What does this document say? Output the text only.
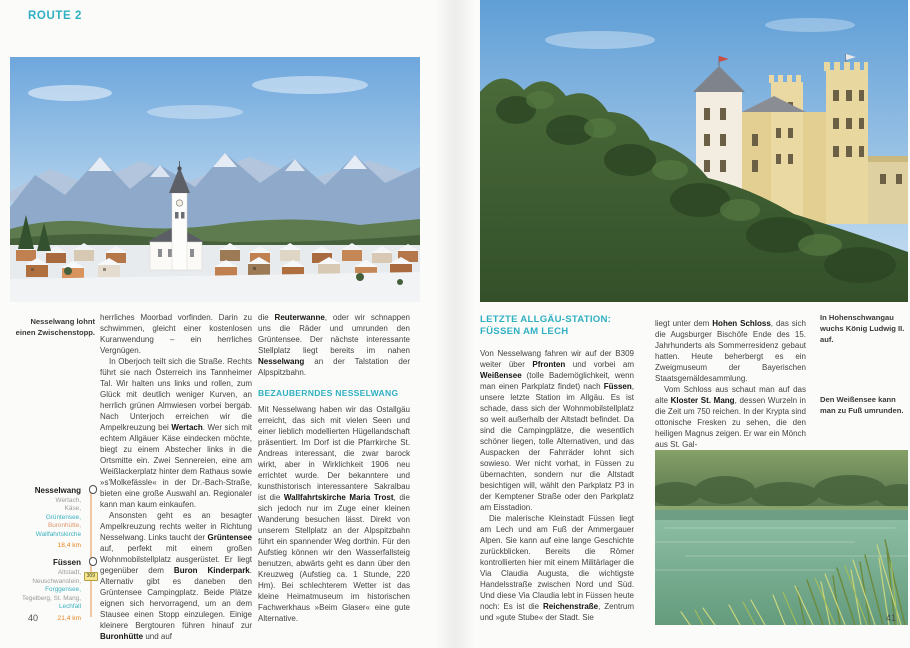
ROUTE 2
Nesselwang lohnt einen Zwischenstopp.
Nesselwang
Wertach,
Käse,
Grüntensee,
Buronhütte,
Wallfahrtskirche
18,4 km
Füssen
Altstadt,
Neuschwanstein,
Forggensee,
Tegelberg, St. Mang,
Lechfall
21,4 km
309

herrliches Moorbad vorfinden. Darin zu schwimmen, gleicht einer kostenlosen Kuranwendung – ein herrliches Vergnügen.

In Oberjoch teilt sich die Straße. Rechts führt sie nach Österreich ins Tannheimer Tal. Wir halten uns links und rollen, zum Glück mit deutlich weniger Kurven, an herrlich grünen Almwiesen vorbei bergab. Nach Unterjoch erreichen wir die Ampelkreuzung bei Wertach. Wer sich mit echtem Allgäuer Käse eindecken möchte, biegt zu einem Abstecher links in die Ortsmitte ein. Zwei Sennereien, eine am Weißlackerplatz hinter dem Rathaus sowie »s'Molkefässle« in der Dr.-Bach-Straße, bieten eine große Auswahl an. Regionaler kann man kaum einkaufen.

Ansonsten geht es an besagter Ampelkreuzung rechts weiter in Richtung Nesselwang. Links taucht der Grüntensee auf, perfekt mit einem großen Wohnmobilstellplatz ausgerüstet. Er liegt gegenüber dem Buron Kinderpark. Alternativ gibt es daneben den Grüntensee Campingplatz. Beide Plätze eignen sich hervorragend, um an dem Stausee einen Stopp einzulegen. Einige kleinere Bergtouren führen hinauf zur Buronhütte und auf

die Reuterwanne, oder wir schnappen uns die Räder und umrunden den Grüntensee. Der nächste interessante Stellplatz liegt bereits im nahen Nesselwang an der Talstation der Alpspitzbahn.

BEZAUBERNDES NESSELWANG

Mit Nesselwang haben wir das Ostallgäu erreicht, das sich mit vielen Seen und einer lieblich modellierten Hügellandschaft präsentiert. Im Dorf ist die Pfarrkirche St. Andreas interessant, die zwar barock wirkt, aber in Wirklichkeit 1906 neu errichtet wurde. Der bekanntere und kunsthistorisch interessantere Sakralbau ist die Wallfahrtskirche Maria Trost, die sich jedoch nur im Zuge einer kleinen Wanderung besuchen lässt. Direkt von unserem Stellplatz an der Alpspitzbahn führt ein spannender Weg dorthin. Für den Aufstieg können wir den Wasserfallsteig benutzen, abwärts geht es dann über den Kreuzweg (Aufstieg ca. 1 Stunde, 220 Hm). Bei schlechterem Wetter ist das kleine Heimatmuseum im historischen Fachwerkhaus »Beim Glaser« eine gute Alternative.

40
LETZTE ALLGÄU-STATION:
FÜSSEN AM LECH

Von Nesselwang fahren wir auf der B309 weiter über Pfronten und vorbei am Weißensee (tolle Bademöglichkeit, wenn man einen Parkplatz findet) nach Füssen, unsere letzte Station im Allgäu. Es ist schade, dass sich der Wohnmobilstellplatz so weit außerhalb der Altstadt befindet. Da sind die Campingplätze, die wesentlich schöner liegen, tolle Alternativen, und das Auspacken der Fahrräder lohnt sich sowieso. Wer nicht vorhat, in Füssen zu übernachten, sondern nur die Altstadt besichtigen will, wählt den Parkplatz P3 in der Kemptener Straße oder den Parkplatz am Eisstadion.

Die malerische Kleinstadt Füssen liegt am Lech und am Fuß der Ammergauer Alpen. Sie kann auf eine lange Geschichte zurückblicken. Bereits die Römer kontrollierten hier mit einem Militärlager die Via Claudia Augusta, die wichtigste Handelsstraße zwischen Nord und Süd. Und diese Via Claudia lebt in Füssen heute noch: Es ist die Reichenstraße, Zentrum und »gute Stube« der Stadt. Sie

liegt unter dem Hohen Schloss, das sich die Augsburger Bischöfe Ende des 15. Jahrhunderts als Sommerresidenz gebaut hatten. Heute beherbergt es ein Zweigmuseum der Bayerischen Staatsgemäldesammlung.

Vom Schloss aus schaut man auf das alte Kloster St. Mang, dessen Wurzeln in die Zeit um 750 reichen. In der Krypta sind ottonische Fresken zu sehen, die den heiligen Magnus zeigen. Er war ein Mönch aus St. Gal-

In Hohenschwangau wuchs König Ludwig II. auf.
Den Weißensee kann man zu Fuß umrunden.
41
